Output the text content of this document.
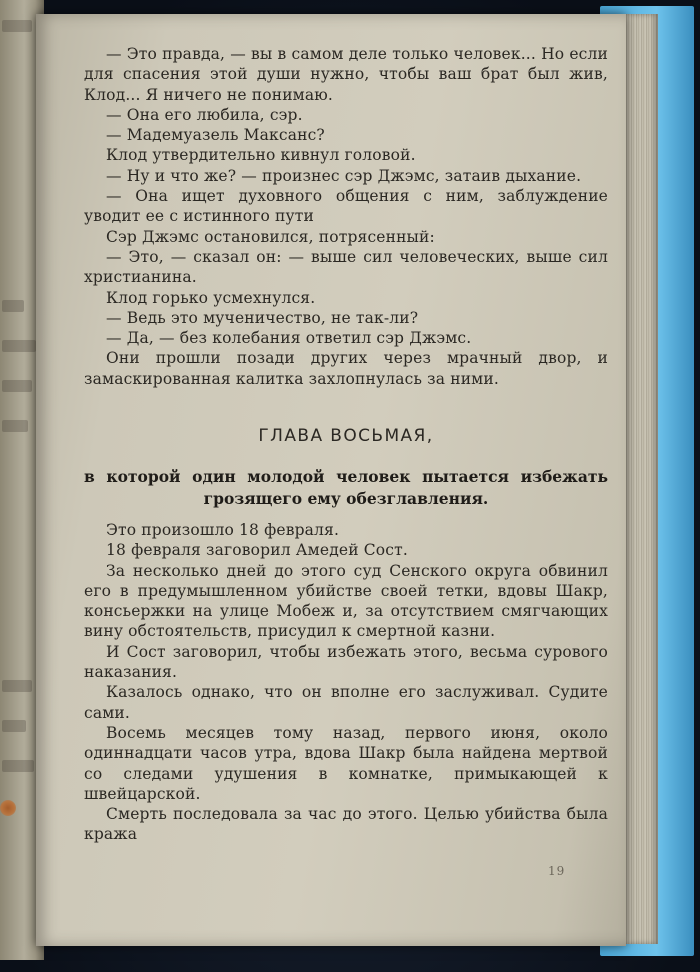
— Это правда, — вы в самом деле только человек... Но если для спасения этой души нужно, чтобы ваш брат был жив, Клод... Я ничего не понимаю.

— Она его любила, сэр.

— Мадемуазель Максанс?

Клод утвердительно кивнул головой.

— Ну и что же? — произнес сэр Джэмс, затаив дыхание.

— Она ищет духовного общения с ним, заблуждение уводит ее с истинного пути

Сэр Джэмс остановился, потрясенный:

— Это, — сказал он: — выше сил человеческих, выше сил христианина.

Клод горько усмехнулся.

— Ведь это мученичество, не так-ли?

— Да, — без колебания ответил сэр Джэмс.

Они прошли позади других через мрачный двор, и замаскированная калитка захлопнулась за ними.

ГЛАВА ВОСЬМАЯ,
в которой один молодой человек пытается избежать грозящего ему обезглавления.

Это произошло 18 февраля.

18 февраля заговорил Амедей Сост.

За несколько дней до этого суд Сенского округа обвинил его в предумышленном убийстве своей тетки, вдовы Шакр, консьержки на улице Мобеж и, за отсутствием смягчающих вину обстоятельств, присудил к смертной казни.

И Сост заговорил, чтобы избежать этого, весьма сурового наказания.

Казалось однако, что он вполне его заслуживал. Судите сами.

Восемь месяцев тому назад, первого июня, около одиннадцати часов утра, вдова Шакр была найдена мертвой со следами удушения в комнатке, примыкающей к швейцарской.

Смерть последовала за час до этого. Целью убийства была кража

19
